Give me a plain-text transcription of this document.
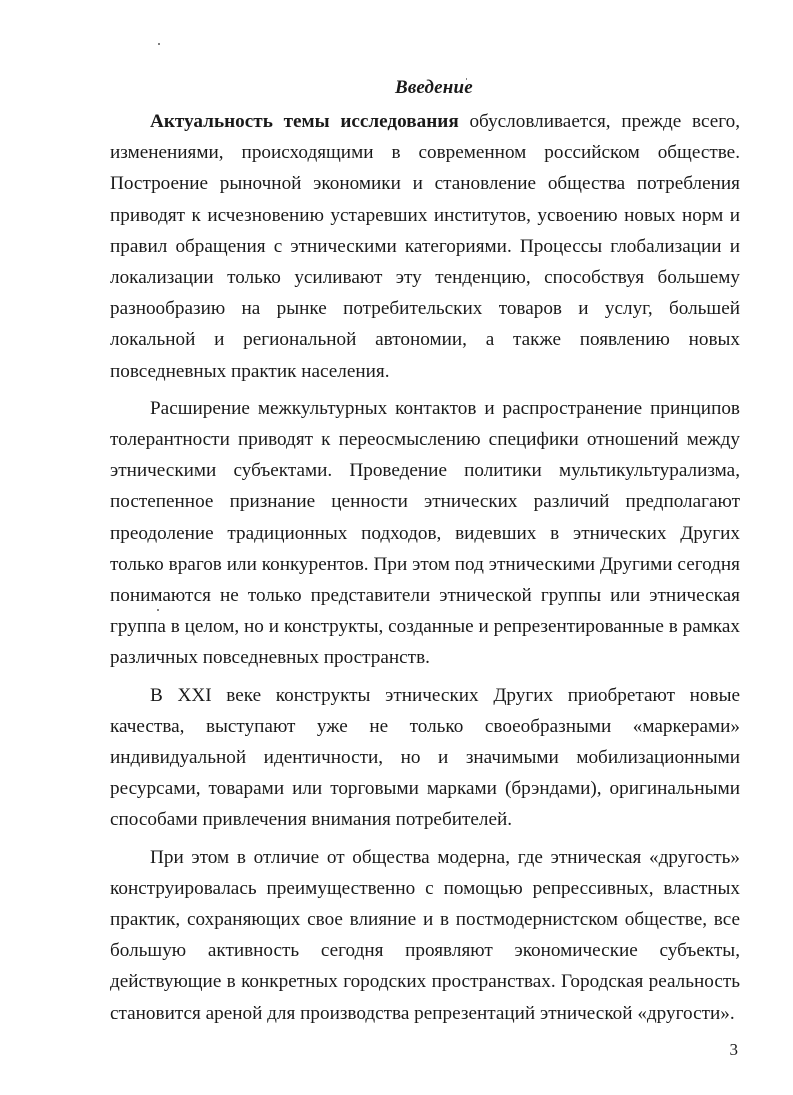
Введение

Актуальность темы исследования обусловливается, прежде всего, изменениями, происходящими в современном российском обществе. Построение рыночной экономики и становление общества потребления приводят к исчезновению устаревших институтов, усвоению новых норм и правил обращения с этническими категориями. Процессы глобализации и локализации только усиливают эту тенденцию, способствуя большему разнообразию на рынке потребительских товаров и услуг, большей локальной и региональной автономии, а также появлению новых повседневных практик населения.

Расширение межкультурных контактов и распространение принципов толерантности приводят к переосмыслению специфики отношений между этническими субъектами. Проведение политики мультикультурализма, постепенное признание ценности этнических различий предполагают преодоление традиционных подходов, видевших в этнических Других только врагов или конкурентов. При этом под этническими Другими сегодня понимаются не только представители этнической группы или этническая группа в целом, но и конструкты, созданные и репрезентированные в рамках различных повседневных пространств.

В XXI веке конструкты этнических Других приобретают новые качества, выступают уже не только своеобразными «маркерами» индивидуальной идентичности, но и значимыми мобилизационными ресурсами, товарами или торговыми марками (брэндами), оригинальными способами привлечения внимания потребителей.

При этом в отличие от общества модерна, где этническая «другость» конструировалась преимущественно с помощью репрессивных, властных практик, сохраняющих свое влияние и в постмодернистском обществе, все большую активность сегодня проявляют экономические субъекты, действующие в конкретных городских пространствах. Городская реальность становится ареной для производства репрезентаций этнической «другости».

3
